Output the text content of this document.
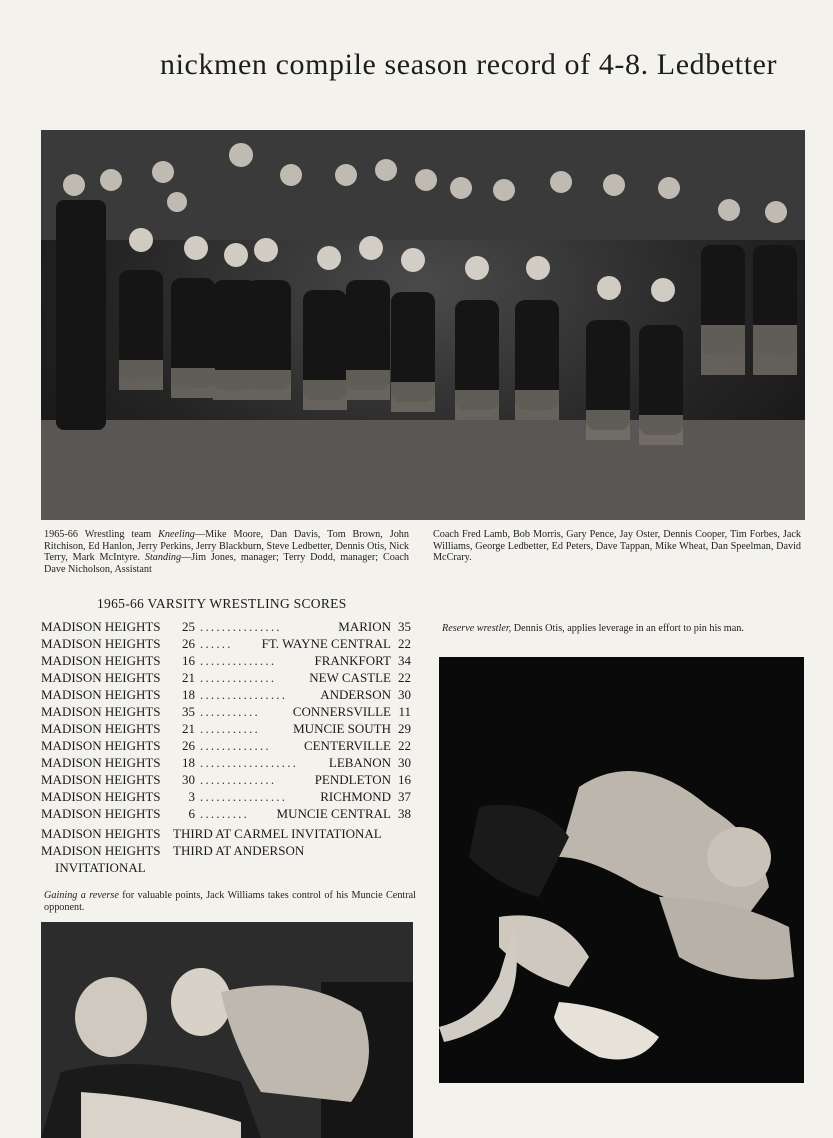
nickmen compile season record of 4-8. Ledbetter
1965-66 Wrestling team Kneeling—Mike Moore, Dan Davis, Tom Brown, John Ritchison, Ed Hanlon, Jerry Perkins, Jerry Blackburn, Steve Ledbetter, Dennis Otis, Nick Terry, Mark McIntyre. Standing—Jim Jones, manager; Terry Dodd, manager; Coach Dave Nicholson, Assistant
Coach Fred Lamb, Bob Morris, Gary Pence, Jay Oster, Dennis Cooper, Tim Forbes, Jack Williams, George Ledbetter, Ed Peters, Dave Tappan, Mike Wheat, Dan Speelman, David McCrary.
1965-66 VARSITY WRESTLING SCORES
MADISON HEIGHTS	25 ...............	MARION 35
MADISON HEIGHTS	26 ......	FT. WAYNE CENTRAL 22
MADISON HEIGHTS	16 ..............	FRANKFORT 34
MADISON HEIGHTS	21 ..............	NEW CASTLE 22
MADISON HEIGHTS	18 ................	ANDERSON 30
MADISON HEIGHTS	35 ...........	CONNERSVILLE 11
MADISON HEIGHTS	21 ...........	MUNCIE SOUTH 29
MADISON HEIGHTS	26 .............	CENTERVILLE 22
MADISON HEIGHTS	18 ..................	LEBANON 30
MADISON HEIGHTS	30 ..............	PENDLETON 16
MADISON HEIGHTS	3 ................	RICHMOND 37
MADISON HEIGHTS	6 .........	MUNCIE CENTRAL 38
MADISON HEIGHTS THIRD AT CARMEL INVITATIONAL
MADISON HEIGHTS THIRD AT ANDERSON
INVITATIONAL
Gaining a reverse for valuable points, Jack Williams takes control of his Muncie Central opponent.
Reserve wrestler, Dennis Otis, applies leverage in an effort to pin his man.
